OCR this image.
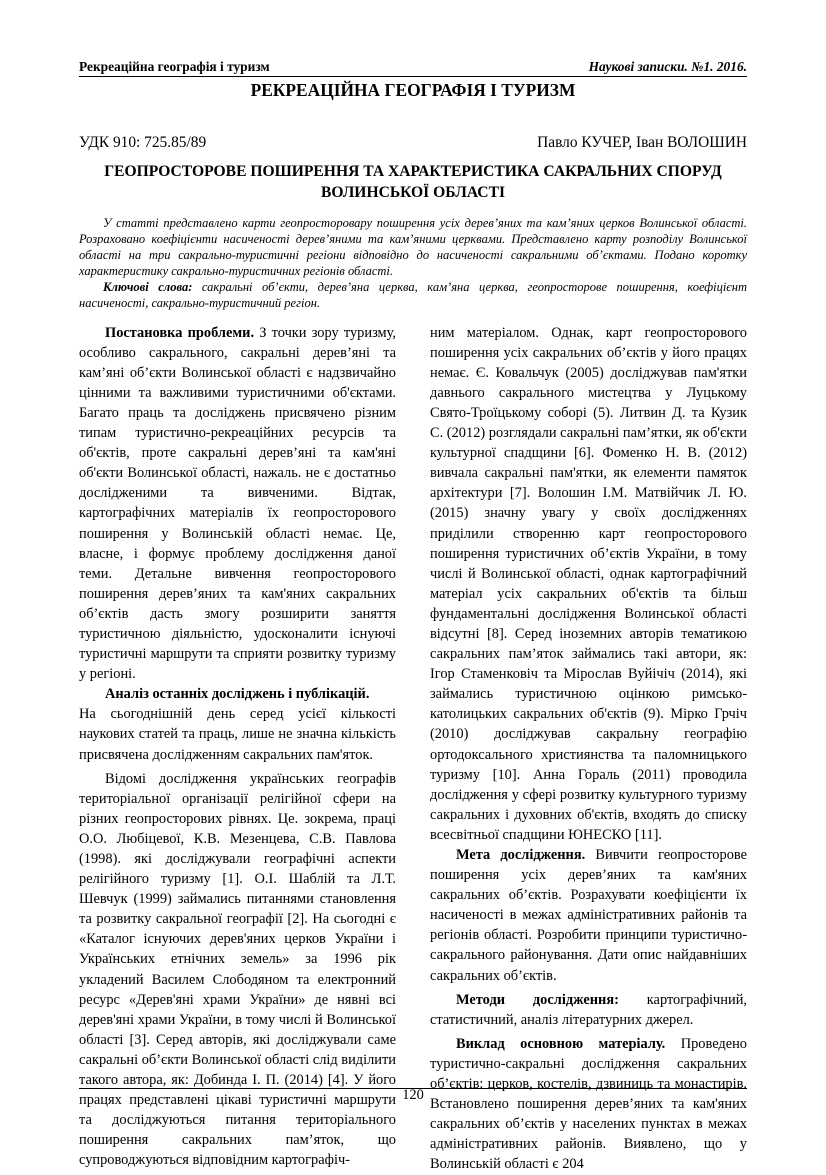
Рекреаційна географія і туризм	Наукові записки. №1. 2016.
РЕКРЕАЦІЙНА ГЕОГРАФІЯ І ТУРИЗМ
УДК 910: 725.85/89	Павло КУЧЕР, Іван ВОЛОШИН
ГЕОПРОСТОРОВЕ ПОШИРЕННЯ ТА ХАРАКТЕРИСТИКА САКРАЛЬНИХ СПОРУД ВОЛИНСЬКОЇ ОБЛАСТІ

У статті представлено карти геопросторовару поширення усіх дерев’яних та кам’яних церков Волинської області. Розраховано коефіцієнти насиченості дерев’яними та кам’яними церквами. Представлено карту розподілу Волинської області на три сакрально-туристичні регіони відповідно до насиченості сакральними об’єктами. Подано коротку характеристику сакрально-туристичних регіонів області.

Ключові слова: сакральні об’єкти, дерев’яна церква, кам’яна церква, геопросторове поширення, коефіцієнт насиченості, сакрально-туристичний регіон.

Постановка проблеми. З точки зору туризму, особливо сакрального, сакральні дерев’яні та кам’яні об’єкти Волинської області є надзвичайно цінними та важливими туристичними об'єктами. Багато праць та досліджень присвячено різним типам туристично-рекреаційних ресурсів та об'єктів, проте сакральні дерев’яні та кам'яні об'єкти Волинської області, нажаль. не є достатньо дослідженими та вивченими. Відтак, картографічних матеріалів їх геопросторового поширення у Волинській області немає. Це, власне, і формує проблему дослідження даної теми. Детальне вивчення геопросторового поширення дерев’яних та кам'яних сакральних об’єктів дасть змогу розширити заняття туристичною діяльністю, удосконалити існуючі туристичні маршрути та сприяти розвитку туризму у регіоні.

Аналіз останніх досліджень і публікацій.

На сьогоднішній день серед усієї кількості наукових статей та праць, лише не значна кількість присвячена дослідженням сакральних пам'яток.

Відомі дослідження українських географів територіальної організації релігійної сфери на різних геопросторових рівнях. Це. зокрема, праці О.О. Любіцевої, К.В. Мезенцева, С.В. Павлова (1998). які досліджували географічні аспекти релігійного туризму [1]. О.І. Шаблій та Л.Т. Шевчук (1999) займались питаннями становлення та розвитку сакральної географії [2]. На сьогодні є «Каталог існуючих дерев'яних церков України і Українських етнічних земель» за 1996 рік укладений Василем Слободяном та електронний ресурс «Дерев'яні храми України» де нявні всі дерев'яні храми України, в тому числі й Волинської області [3]. Серед авторів, які досліджували саме сакральні об’єкти Волинської області слід виділити такого автора, як: Добинда І. П. (2014) [4]. У його працях представлені цікаві туристичні маршрути та досліджуються питання територіального поширення сакральних пам’яток, що супроводжуються відповідним картографіч-

ним матеріалом. Однак, карт геопросторового поширення усіх сакральних об’єктів у його працях немає. Є. Ковальчук (2005) досліджував пам'ятки давнього сакрального мистецтва у Луцькому Свято-Троїцькому соборі (5). Литвин Д. та Кузик С. (2012) розглядали сакральні пам’ятки, як об'єкти культурної спадщини [6]. Фоменко Н. В. (2012) вивчала сакральні пам'ятки, як елементи памяток архітектури [7]. Волошин І.М. Матвійчик Л. Ю. (2015) значну увагу у своїх дослідженнях приділили створенню карт геопросторового поширення туристичних об’єктів України, в тому числі й Волинської області, однак картографічний матеріал усіх сакральних об'єктів та більш фундаментальні дослідження Волинської області відсутні [8]. Серед іноземних авторів тематикою сакральних пам’яток займались такі автори, як: Ігор Стаменковіч та Мірослав Вуйічіч (2014), які займались туристичною оцінкою римсько-католицьких сакральних об'єктів (9). Мірко Грчіч (2010) досліджував сакральну географію ортодоксального християнства та паломницького туризму [10]. Анна Гораль (2011) проводила дослідження у сфері розвитку культурного туризму сакральних і духовних об'єктів, входять до списку всесвітньої спадщини ЮНЕСКО [11].

Мета дослідження. Вивчити геопросторове поширення усіх дерев’яних та кам'яних сакральних об’єктів. Розрахувати коефіцієнти їх насиченості в межах адміністративних районів та регіонів області. Розробити принципи туристично-сакрального районування. Дати опис найдавніших сакральних об’єктів.

Методи дослідження: картографічний, статистичний, аналіз літературних джерел.

Виклад основною матеріалу. Проведено туристично-сакральні дослідження сакральних об’єктів: церков, костелів, дзвиниць та монастирів. Встановлено поширення дерев’яних та кам'яних сакральних об’єктів у населених пунктах в межах адміністративних районів. Виявлено, що у Волинській області є 204

120
